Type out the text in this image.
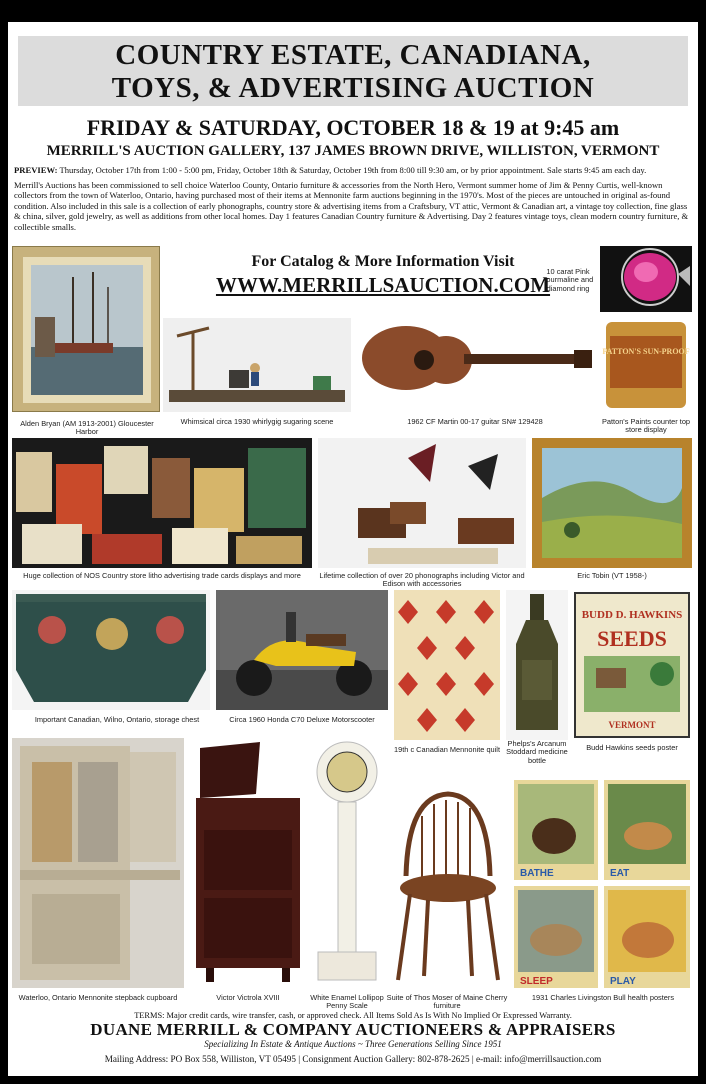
COUNTRY ESTATE, CANADIANA,
TOYS, & ADVERTISING AUCTION
FRIDAY & SATURDAY, OCTOBER 18 & 19 at 9:45 am
MERRILL'S AUCTION GALLERY, 137 JAMES BROWN DRIVE, WILLISTON, VERMONT
PREVIEW: Thursday, October 17th from 1:00 - 5:00 pm, Friday, October 18th & Saturday, October 19th from 8:00 till 9:30 am, or by prior appointment. Sale starts 9:45 am each day.
Merrill's Auctions has been commissioned to sell choice Waterloo County, Ontario furniture & accessories from the North Hero, Vermont summer home of Jim & Penny Curtis, well-known collectors from the town of Waterloo, Ontario, having purchased most of their items at Mennonite farm auctions beginning in the 1970's. Most of the pieces are untouched in original as-found condition. Also included in this sale is a collection of early phonographs, country store & advertising items from a Craftsbury, VT attic, Vermont & Canadian art, a vintage toy collection, fine glass & china, silver, gold jewelry, as well as additions from other local homes. Day 1 features Canadian Country furniture & Advertising. Day 2 features vintage toys, clean modern country furniture, & collectible smalls.
Alden Bryan (AM 1913-2001) Gloucester Harbor
For Catalog & More Information Visit
WWW.MERRILLSAUCTION.COM
10 carat Pink Tourmaline and diamond ring
Whimsical circa 1930 whirlygig sugaring scene	1962 CF Martin 00-17 guitar SN# 129428
PATTON'S SUN-PROOF
Patton's Paints counter top store display
Huge collection of NOS Country store litho advertising trade cards displays and more	Lifetime collection of over 20 phonographs including Victor and Edison with accessories
Eric Tobin (VT 1958-)
Important Canadian, Wilno, Ontario, storage chest	Circa 1960 Honda C70 Deluxe Motorscooter
19th c Canadian Mennonite quilt
Phelps's Arcanum Stoddard medicine bottle
BUDD D. HAWKINS
SEEDS
VERMONT
Budd Hawkins seeds poster
Waterloo, Ontario Mennonite stepback cupboard	Victor Victrola XVIII	White Enamel Lollipop Penny Scale
Suite of Thos Moser of Maine Cherry furniture
BATHE	EAT
SLEEP	PLAY
1931 Charles Livingston Bull health posters
TERMS: Major credit cards, wire transfer, cash, or approved check. All Items Sold As Is With No Implied Or Expressed Warranty.
DUANE MERRILL & COMPANY AUCTIONEERS & APPRAISERS
Specializing In Estate & Antique Auctions ~ Three Generations Selling Since 1951
Mailing Address: PO Box 558, Williston, VT 05495 | Consignment Auction Gallery: 802-878-2625 | e-mail: info@merrillsauction.com
